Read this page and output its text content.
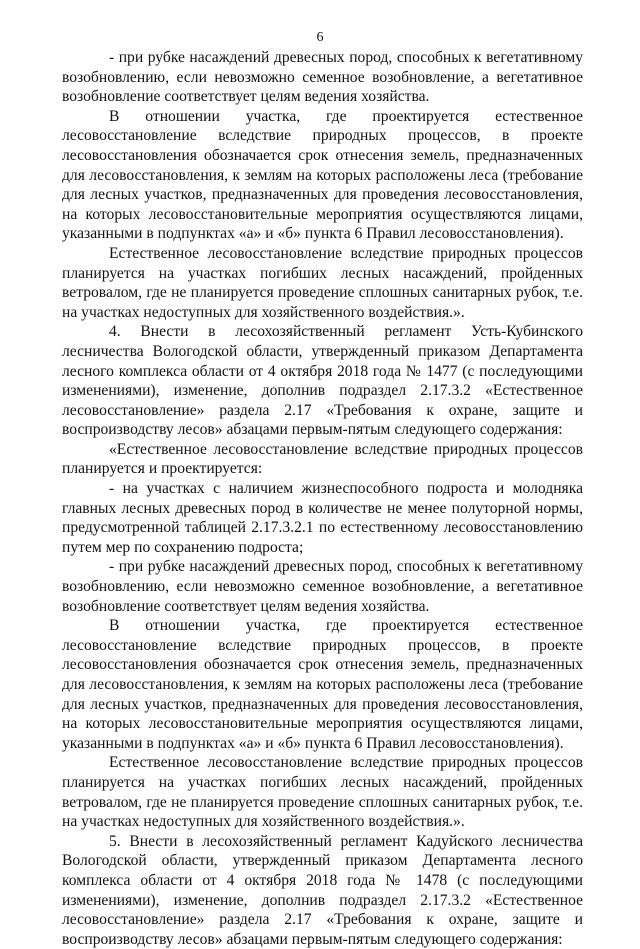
6

- при рубке насаждений древесных пород, способных к вегетативному возобновлению, если невозможно семенное возобновление, а вегетативное возобновление соответствует целям ведения хозяйства.

В отношении участка, где проектируется естественное лесовосстановление вследствие природных процессов, в проекте лесовосстановления обозначается срок отнесения земель, предназначенных для лесовосстановления, к землям на которых расположены леса (требование для лесных участков, предназначенных для проведения лесовосстановления, на которых лесовосстановительные мероприятия осуществляются лицами, указанными в подпунктах «а» и «б» пункта 6 Правил лесовосстановления).

Естественное лесовосстановление вследствие природных процессов планируется на участках погибших лесных насаждений, пройденных ветровалом, где не планируется проведение сплошных санитарных рубок, т.е. на участках недоступных для хозяйственного воздействия.».

4. Внести в лесохозяйственный регламент Усть-Кубинского лесничества Вологодской области, утвержденный приказом Департамента лесного комплекса области от 4 октября 2018 года № 1477 (с последующими изменениями), изменение, дополнив подраздел 2.17.3.2 «Естественное лесовосстановление» раздела 2.17 «Требования к охране, защите и воспроизводству лесов» абзацами первым-пятым следующего содержания:

«Естественное лесовосстановление вследствие природных процессов планируется и проектируется:

- на участках с наличием жизнеспособного подроста и молодняка главных лесных древесных пород в количестве не менее полуторной нормы, предусмотренной таблицей 2.17.3.2.1 по естественному лесовосстановлению путем мер по сохранению подроста;

- при рубке насаждений древесных пород, способных к вегетативному возобновлению, если невозможно семенное возобновление, а вегетативное возобновление соответствует целям ведения хозяйства.

В отношении участка, где проектируется естественное лесовосстановление вследствие природных процессов, в проекте лесовосстановления обозначается срок отнесения земель, предназначенных для лесовосстановления, к землям на которых расположены леса (требование для лесных участков, предназначенных для проведения лесовосстановления, на которых лесовосстановительные мероприятия осуществляются лицами, указанными в подпунктах «а» и «б» пункта 6 Правил лесовосстановления).

Естественное лесовосстановление вследствие природных процессов планируется на участках погибших лесных насаждений, пройденных ветровалом, где не планируется проведение сплошных санитарных рубок, т.е. на участках недоступных для хозяйственного воздействия.».

5. Внести в лесохозяйственный регламент Кадуйского лесничества Вологодской области, утвержденный приказом Департамента лесного комплекса области от 4 октября 2018 года № 1478 (с последующими изменениями), изменение, дополнив подраздел 2.17.3.2 «Естественное лесовосстановление» раздела 2.17 «Требования к охране, защите и воспроизводству лесов» абзацами первым-пятым следующего содержания:
